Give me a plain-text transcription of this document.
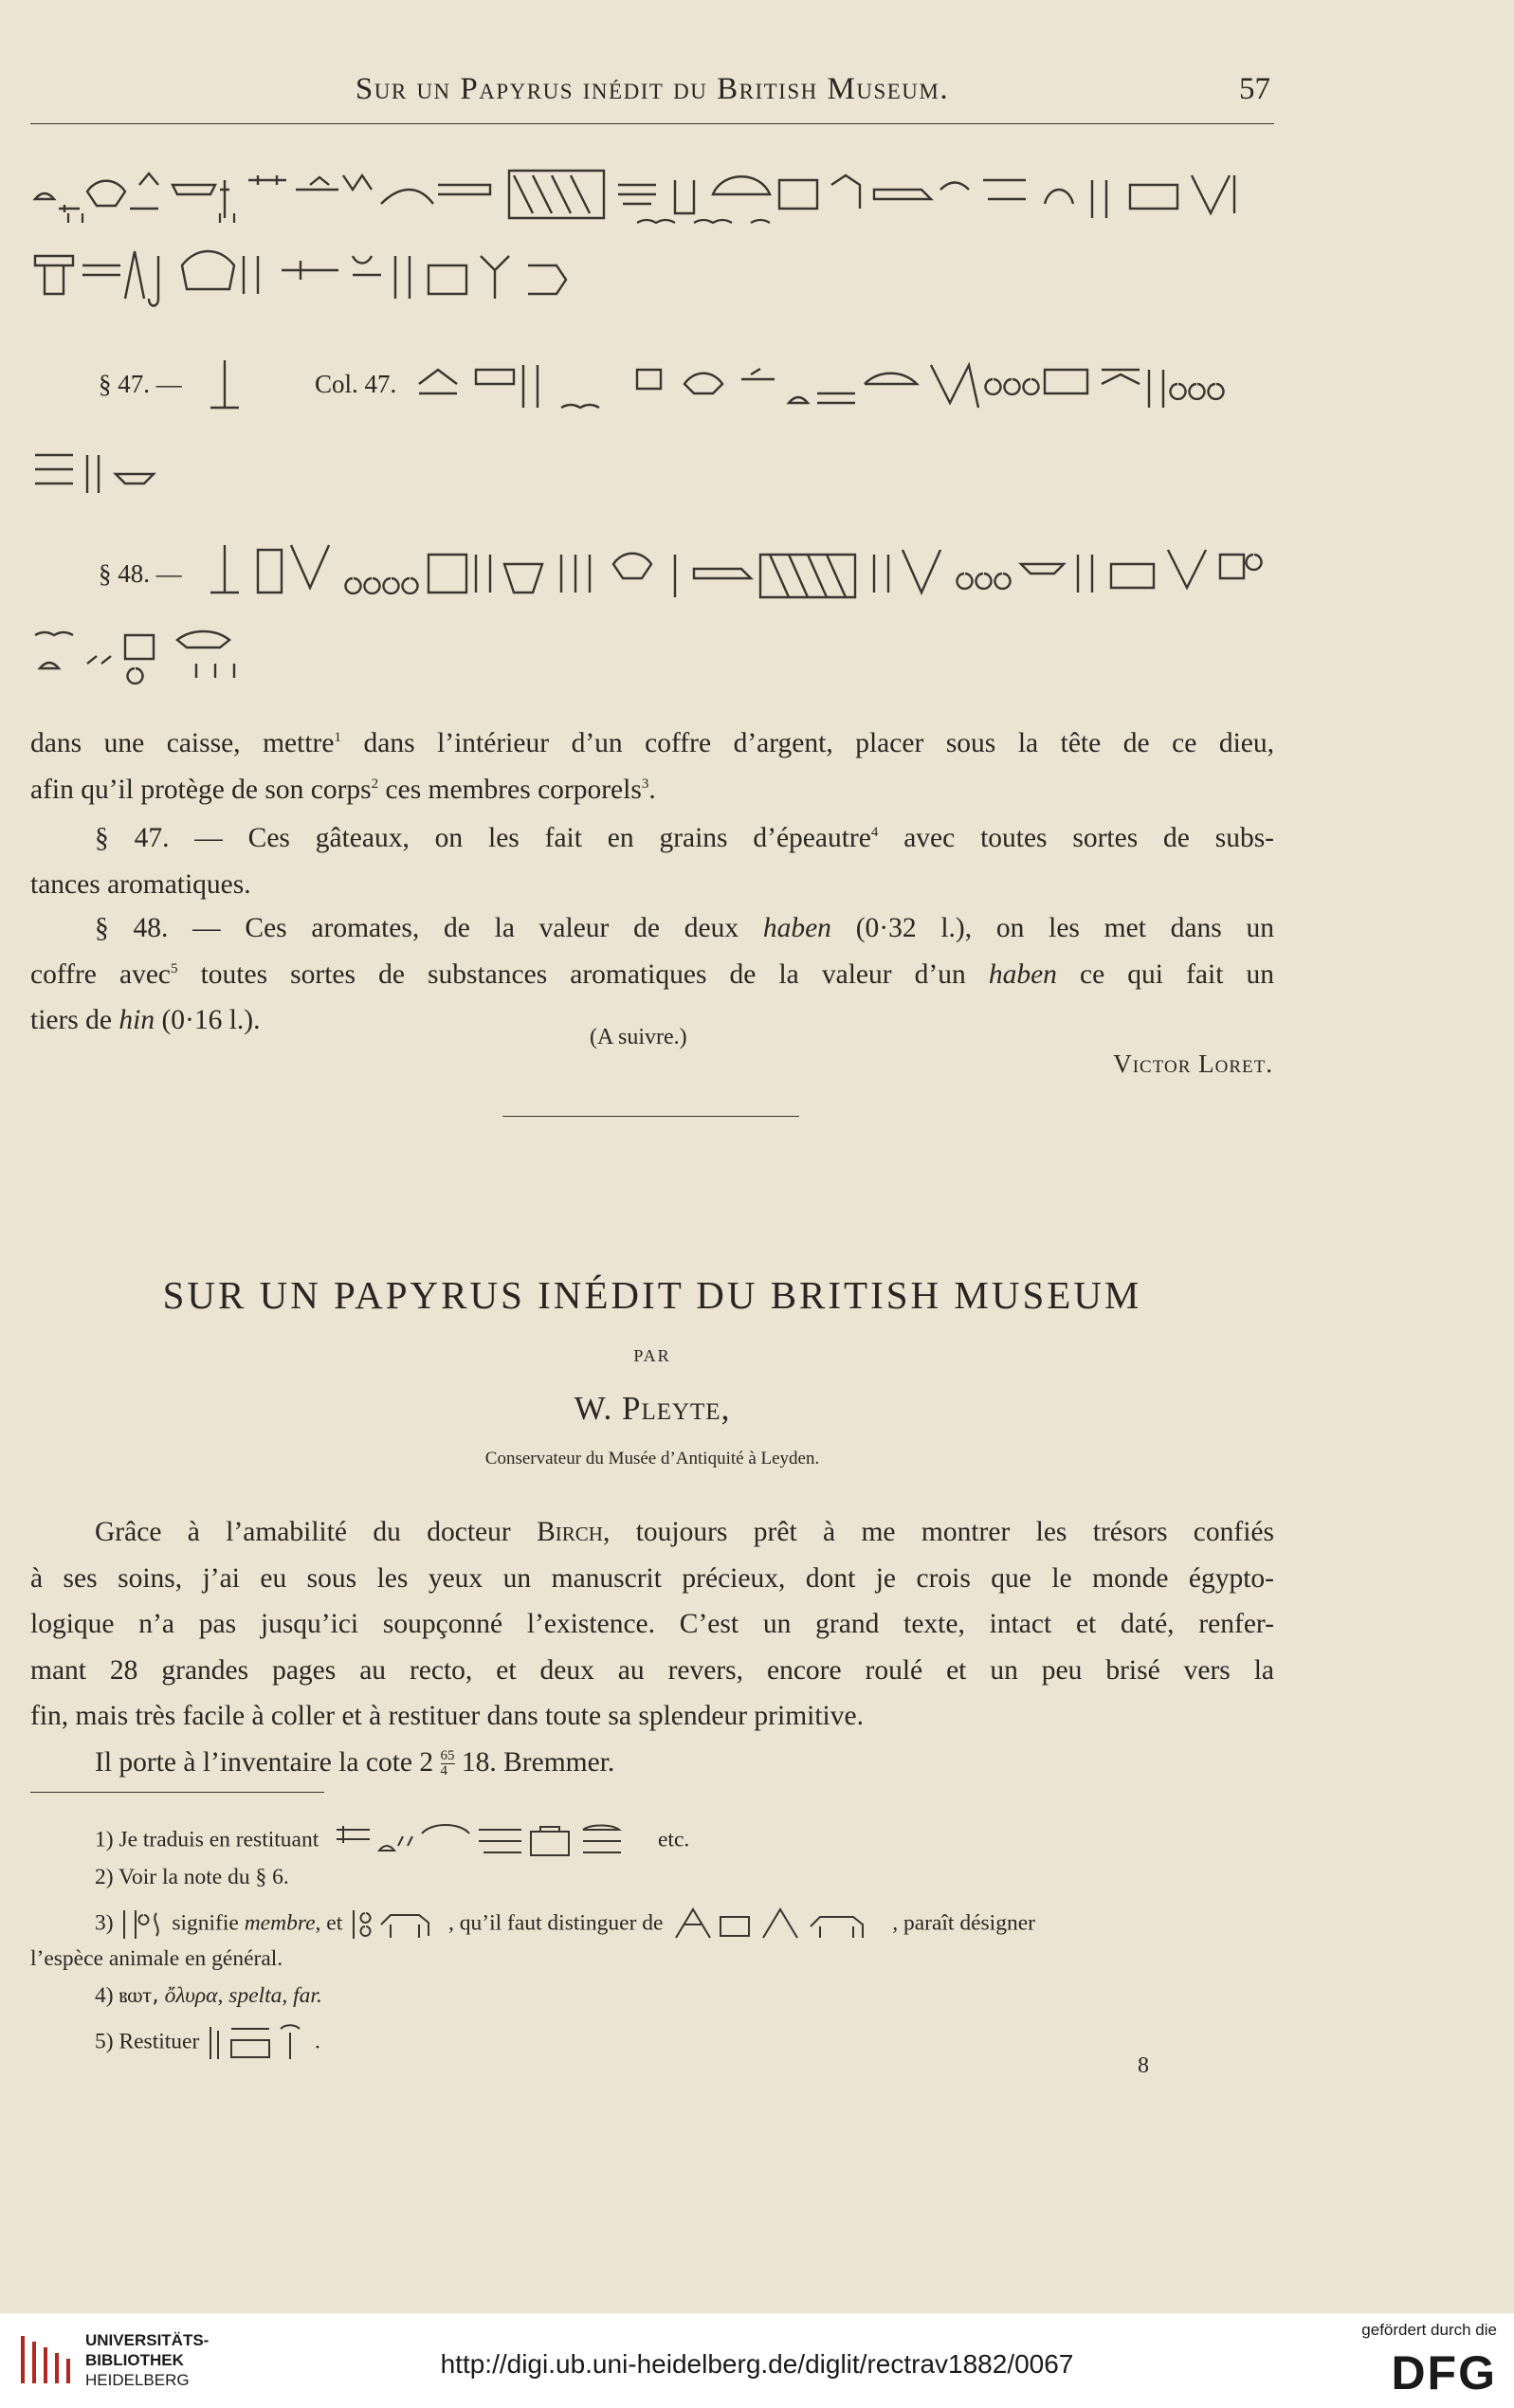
Sur un Papyrus inédit du British Museum.	57
§ 47. —	Col. 47.
§ 48. —
dans une caisse, mettre$^1$ dans l’intérieur d’un coffre d’argent, placer sous la tête de ce dieu,
afin qu’il protège de son corps$^2$ ces membres corporels$^3$.
§ 47. — Ces gâteaux, on les fait en grains d’épeautre$^4$ avec toutes sortes de subs-
tances aromatiques.
§ 48. — Ces aromates, de la valeur de deux haben (0·32 l.), on les met dans un
coffre avec$^5$ toutes sortes de substances aromatiques de la valeur d’un haben ce qui fait un
tiers de hin (0·16 l.).
(A suivre.)
Victor Loret.
SUR UN PAPYRUS INÉDIT DU BRITISH MUSEUM
PAR
W. Pleyte,
Conservateur du Musée d’Antiquité à Leyden.
Grâce à l’amabilité du docteur Birch, toujours prêt à me montrer les trésors confiés
à ses soins, j’ai eu sous les yeux un manuscrit précieux, dont je crois que le monde égypto-
logique n’a pas jusqu’ici soupçonné l’existence. C’est un grand texte, intact et daté, renfer-
mant 28 grandes pages au recto, et deux au revers, encore roulé et un peu brisé vers la
fin, mais très facile à coller et à restituer dans toute sa splendeur primitive.
Il porte à l’inventaire la cote $2 \frac{65}{4} 18$. Bremmer.
1) Je traduis en restituant	etc.
2) Voir la note du § 6.
3)	signifie membre, et	, qu’il faut distinguer de	, paraît désigner
l’espèce animale en général.
4) ⲃⲱⲧ, ὄλυρα, spelta, far.
5) Restituer	.
8
UNIVERSITÄTS-
BIBLIOTHEK
HEIDELBERG
http://digi.ub.uni-heidelberg.de/diglit/rectrav1882/0067
gefördert durch die
DFG
